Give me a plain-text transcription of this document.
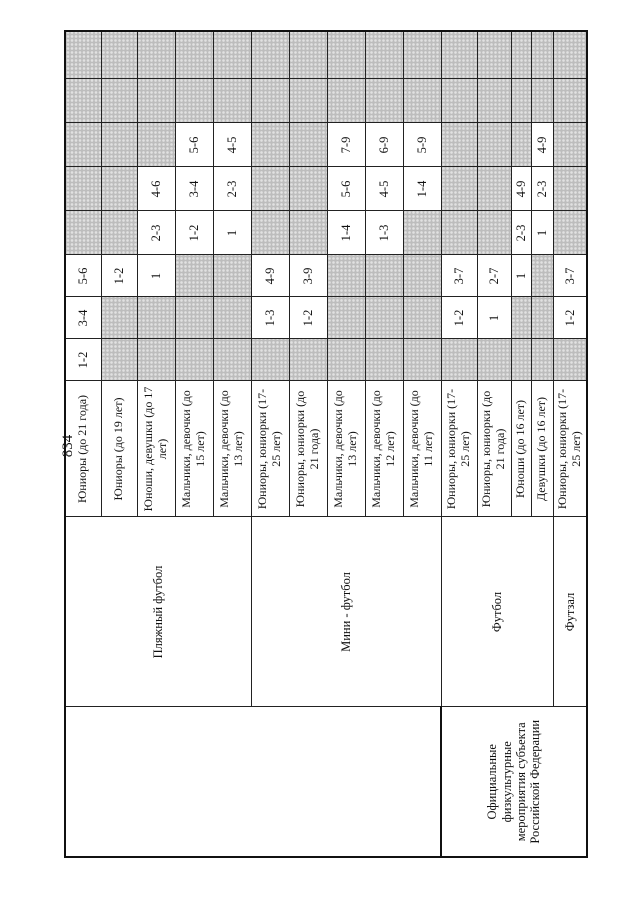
834
	Пляжный футбол	Юниоры (до 21 года)	1-2	3-4	5-6					
		Юниоры (до 19 лет)			1-2					
		Юноши, девушки (до 17 лет)			1	2-3	4-6			
		Мальчики, девочки (до 15 лет)				1-2	3-4	5-6		
		Мальчики, девочки (до 13 лет)				1	2-3	4-5		
	Мини - футбол	Юниоры, юниорки (17-25 лет)		1-3	4-9					
		Юниоры, юниорки (до 21 года)		1-2	3-9					
		Мальчики, девочки (до 13 лет)				1-4	5-6	7-9		
		Мальчики, девочки (до 12 лет)				1-3	4-5	6-9		
		Мальчики, девочки (до 11 лет)					1-4	5-9		
Официальные физкультурные мероприятия субъекта Российской Федерации	Футбол	Юниоры, юниорки (17-25 лет)		1-2	3-7					
		Юниоры, юниорки (до 21 года)		1	2-7					
		Юноши (до 16 лет)			1	2-3	4-9			
		Девушки (до 16 лет)				1	2-3	4-9		
	Футзал	Юниоры, юниорки (17-25 лет)		1-2	3-7					
